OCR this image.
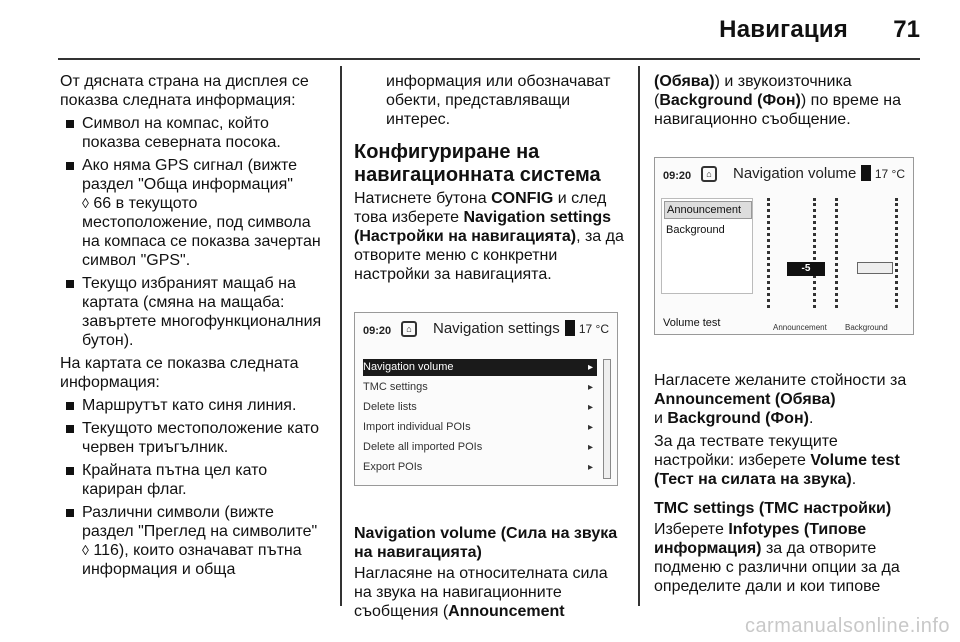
Навигация 71

От дясната страна на дисплея се показва следната информация:

Символ на компас, който показва северната посока.
Ако няма GPS сигнал (вижте раздел "Обща информация"
◊ 66 в текущото местоположение, под символа на компаса се показва зачертан символ "GPS".
Текущо избраният мащаб на картата (смяна на мащаба: завъртете многофункционалния бутон).

На картата се показва следната информация:

Маршрутът като синя линия.
Текущото местоположение като червен триъгълник.
Крайната пътна цел като кариран флаг.
Различни символи (вижте раздел "Преглед на символите" ◊ 116), които означават пътна информация и обща

информация или обозначават обекти, представляващи интерес.

Конфигуриране на навигационната система

Натиснете бутона CONFIG и след това изберете Navigation settings (Настройки на навигацията), за да отворите меню с конкретни настройки за навигацията.

09:20	⌂	Navigation settings 17 °C
Navigation volume	▸
TMC settings	▸
Delete lists	▸
Import individual POIs	▸
Delete all imported POIs	▸
Export POIs	▸
Navigation volume (Сила на звука на навигацията)

Нагласяне на относителната сила на звука на навигационните съобщения (Announcement

(Обява)) и звукоизточника (Background (Фон)) по време на навигационно съобщение.

09:20	⌂	Navigation volume 17 °C
Announcement
Background
Volume test
-5
Announcement Background

Нагласете желаните стойности за Announcement (Обява)
и Background (Фон).

За да тествате текущите настройки: изберете Volume test (Тест на силата на звука).

TMC settings (TMC настройки)

Изберете Infotypes (Типове информация) за да отворите подменю с различни опции за да определите дали и кои типове

carmanualsonline.info
